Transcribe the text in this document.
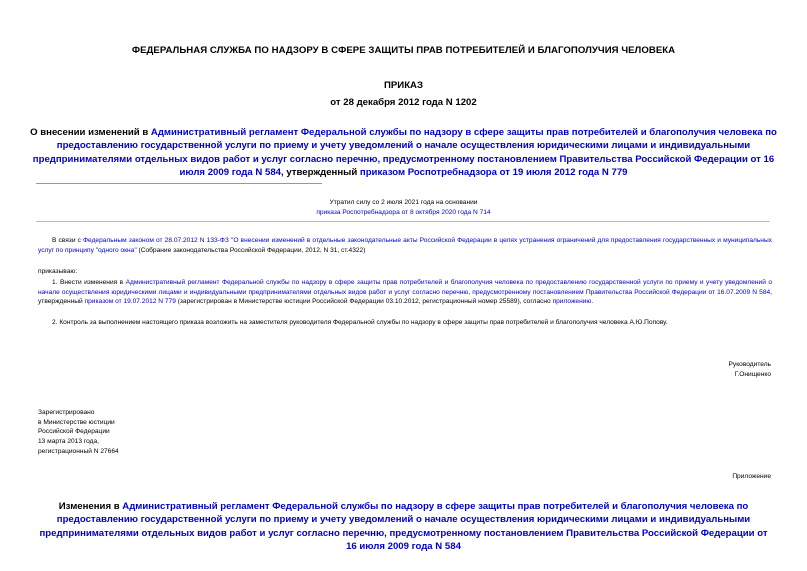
ФЕДЕРАЛЬНАЯ СЛУЖБА ПО НАДЗОРУ В СФЕРЕ ЗАЩИТЫ ПРАВ ПОТРЕБИТЕЛЕЙ И БЛАГОПОЛУЧИЯ ЧЕЛОВЕКА
ПРИКАЗ
от 28 декабря 2012 года N 1202
О внесении изменений в Административный регламент Федеральной службы по надзору в сфере защиты прав потребителей и благополучия человека по предоставлению государственной услуги по приему и учету уведомлений о начале осуществления юридическими лицами и индивидуальными предпринимателями отдельных видов работ и услуг согласно перечню, предусмотренному постановлением Правительства Российской Федерации от 16 июля 2009 года N 584, утвержденный приказом Роспотребнадзора от 19 июля 2012 года N 779
Утратил силу со 2 июля 2021 года на основании
приказа Роспотребнадзора от 8 октября 2020 года N 714
В связи с Федеральным законом от 28.07.2012 N 133-ФЗ "О внесении изменений в отдельные законодательные акты Российской Федерации в целях устранения ограничений для предоставления государственных и муниципальных услуг по принципу "одного окна" (Собрание законодательства Российской Федерации, 2012, N 31, ст.4322)
приказываю:
1. Внести изменения в Административный регламент Федеральной службы по надзору в сфере защиты прав потребителей и благополучия человека по предоставлению государственной услуги по приему и учету уведомлений о начале осуществления юридическими лицами и индивидуальными предпринимателями отдельных видов работ и услуг согласно перечню, предусмотренному постановлением Правительства Российской Федерации от 16.07.2009 N 584, утвержденный приказом от 19.07.2012 N 779 (зарегистрирован в Министерстве юстиции Российской Федерации 03.10.2012, регистрационный номер 25589), согласно приложению.
2. Контроль за выполнением настоящего приказа возложить на заместителя руководителя Федеральной службы по надзору в сфере защиты прав потребителей и благополучия человека А.Ю.Попову.
Руководитель
Г.Онищенко
Зарегистрировано
в Министерстве юстиции
Российской Федерации
13 марта 2013 года,
регистрационный N 27664
Приложение
Изменения в Административный регламент Федеральной службы по надзору в сфере защиты прав потребителей и благополучия человека по предоставлению государственной услуги по приему и учету уведомлений о начале осуществления юридическими лицами и индивидуальными предпринимателями отдельных видов работ и услуг согласно перечню, предусмотренному постановлением Правительства Российской Федерации от 16 июля 2009 года N 584
